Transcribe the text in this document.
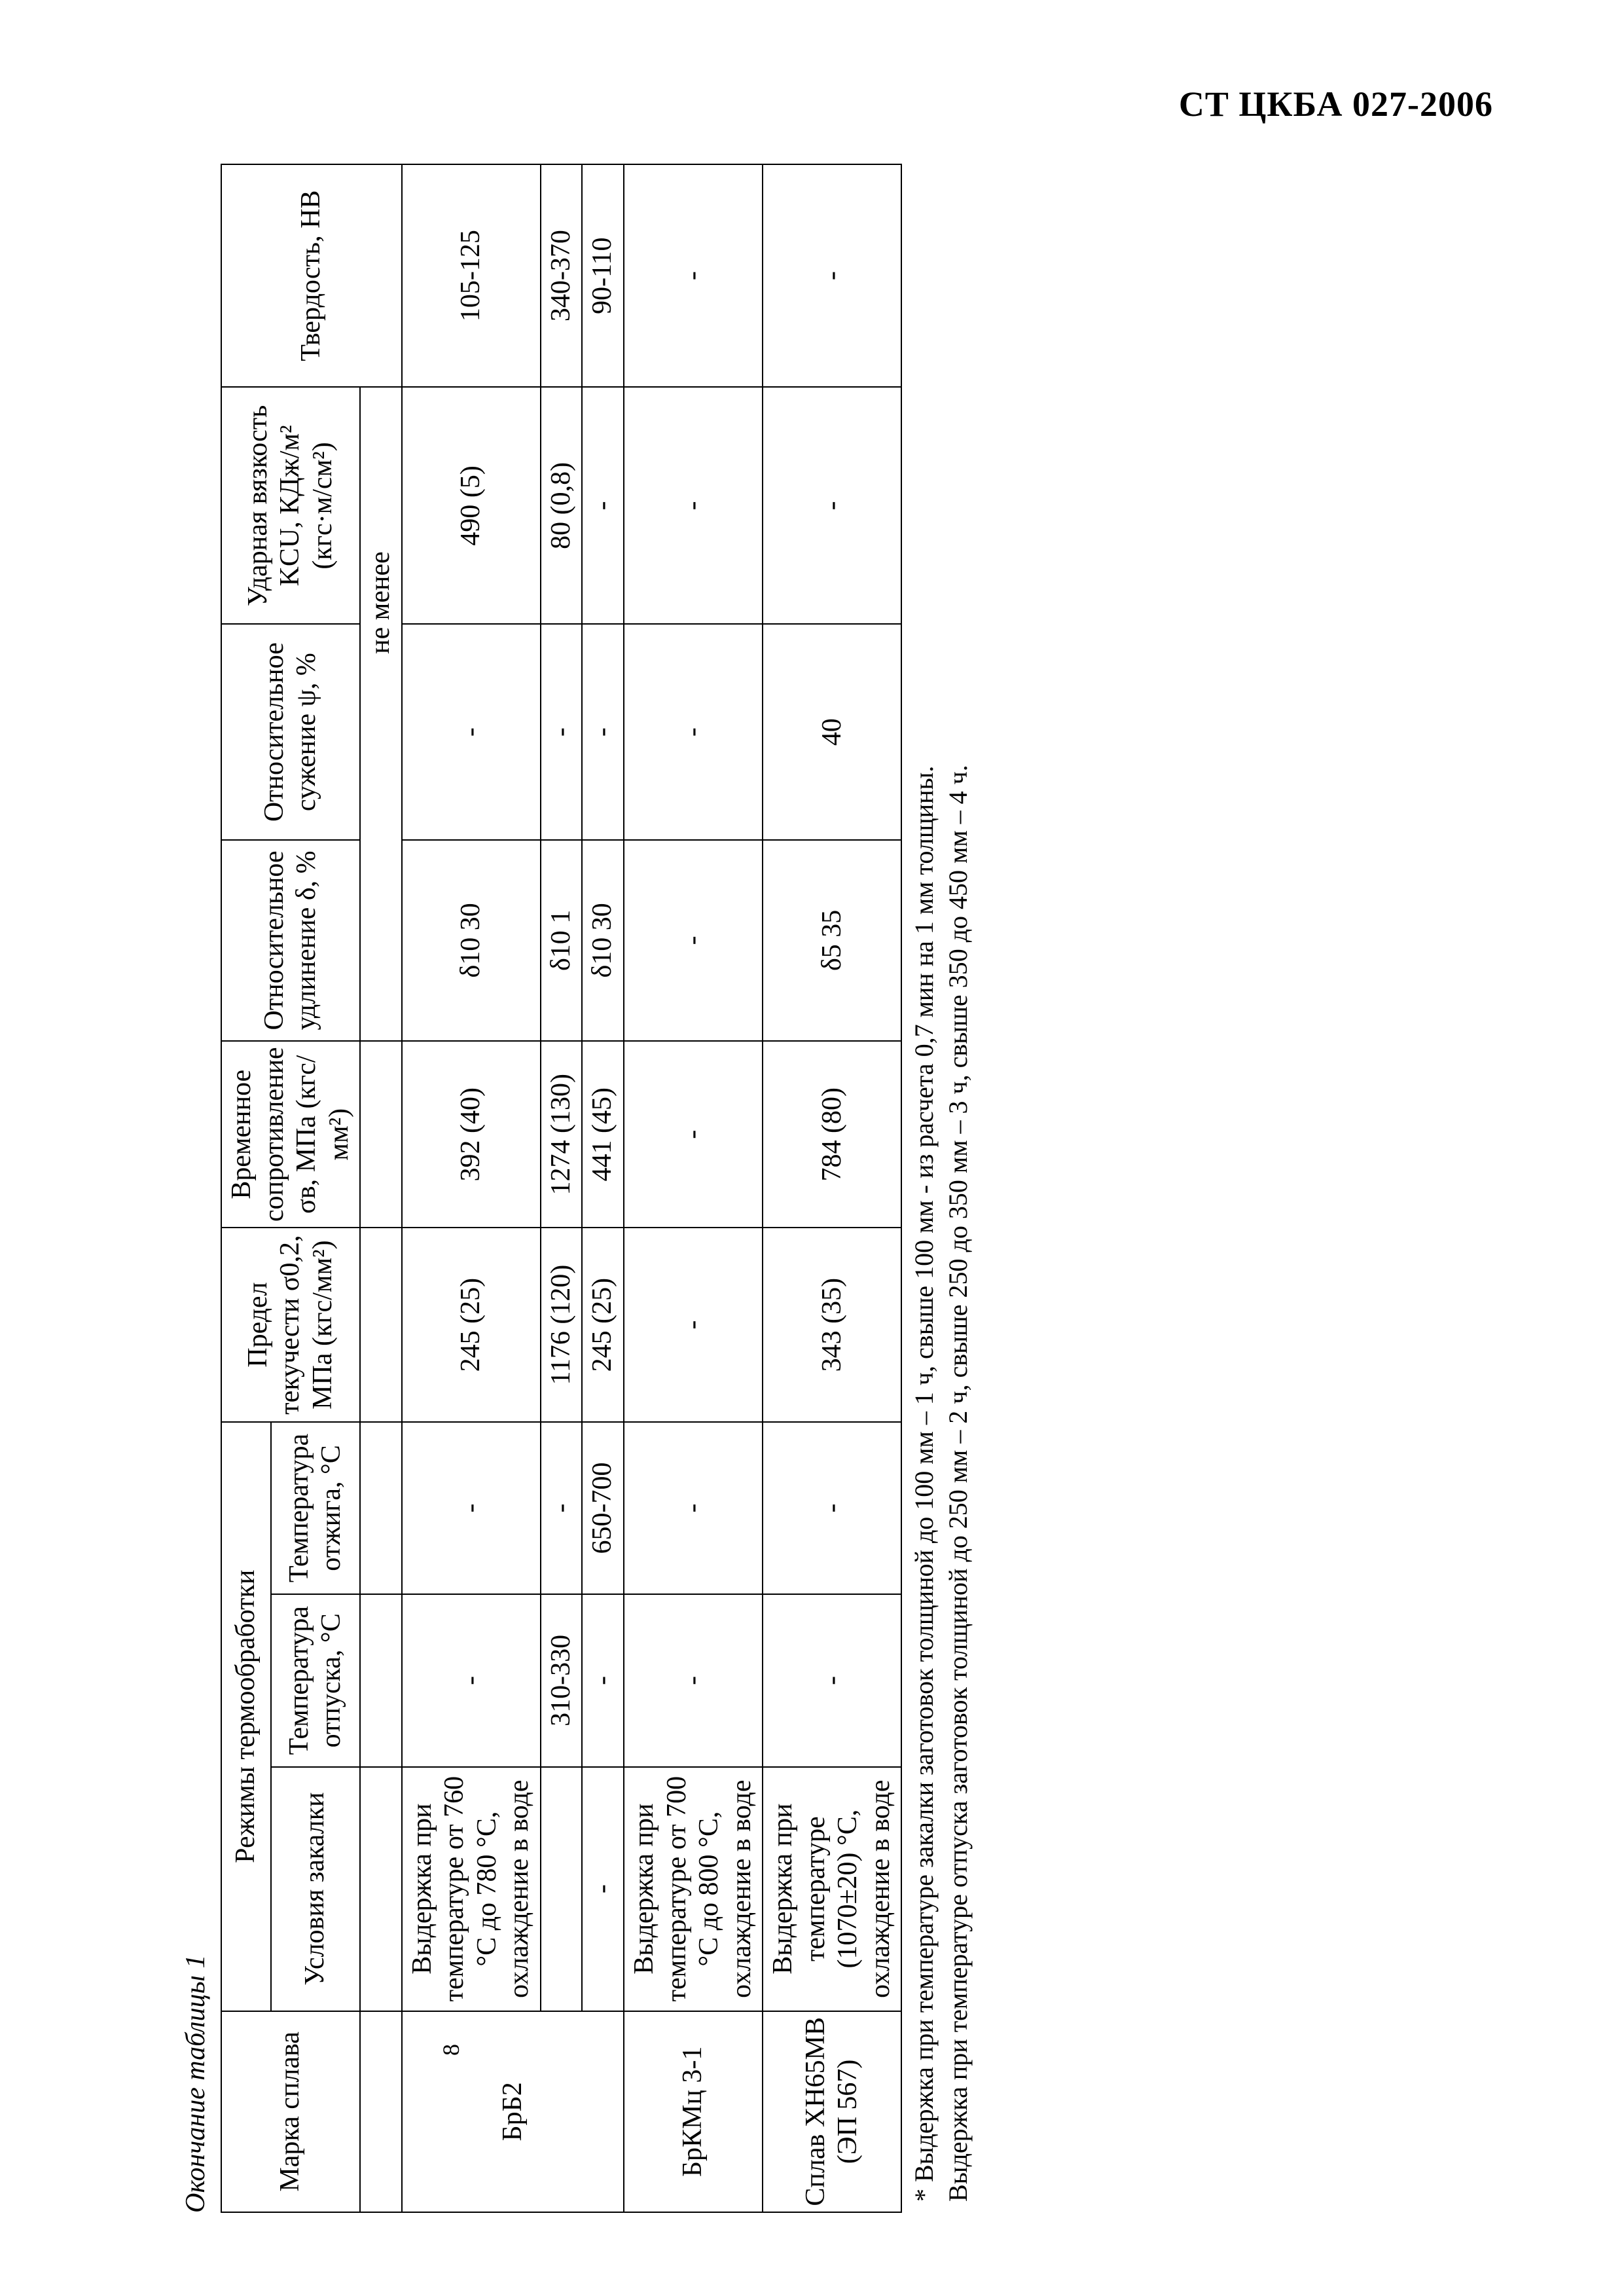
СТ ЦКБА 027-2006
Окончание таблицы 1 Марка сплава	Режимы термообработки			Предел текучести σ0,2, МПа (кгс/мм²)	Временное сопротивление σв, МПа (кгс/мм²)	Относительное удлинение δ, %	Относительное сужение ψ, %	Ударная вязкость KCU, КДж/м² (кгс·м/см²)	Твердость, НВ
	Условия закалки	Температура отпуска, °С	Температура отжига, °С						
						не менее			
БрБ2	Выдержка при температуре от 760 °С до 780 °С, охлаждение в воде	-	-	245 (25)	392 (40)	δ10 30	-	490 (5)	105-125
		310-330	-	1176 (120)	1274 (130)	δ10 1	-	80 (0,8)	340-370
	-	-	650-700	245 (25)	441 (45)	δ10 30	-	-	90-110
БрКМц 3-1	Выдержка при температуре от 700 °С до 800 °С, охлаждение в воде	-	-	-	-	-	-	-	-
Сплав ХН65МВ (ЭП 567)	Выдержка при температуре (1070±20) °С, охлаждение в воде	-	-	343 (35)	784 (80)	δ5 35	40	-	-

* Выдержка при температуре закалки заготовок толщиной до 100 мм – 1 ч, свыше 100 мм - из расчета 0,7 мин на 1 мм толщины. Выдержка при температуре отпуска заготовок толщиной до 250 мм – 2 ч, свыше 250 до 350 мм – 3 ч, свыше 350 до 450 мм – 4 ч.									
8
